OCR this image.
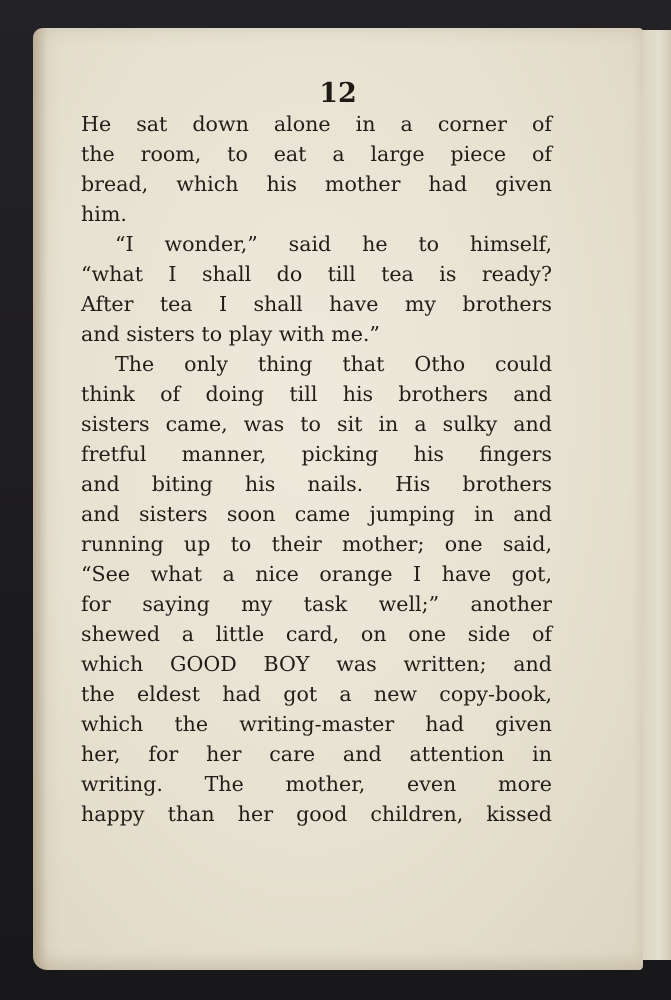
12

He sat down alone in a corner of
the room, to eat a large piece of
bread, which his mother had given
him.
“I wonder,” said he to himself,
“what I shall do till tea is ready?
After tea I shall have my brothers
and sisters to play with me.”
The only thing that Otho could
think of doing till his brothers and
sisters came, was to sit in a sulky and
fretful manner, picking his fingers
and biting his nails. His brothers
and sisters soon came jumping in and
running up to their mother; one said,
“See what a nice orange I have got,
for saying my task well;” another
shewed a little card, on one side of
which GOOD BOY was written; and
the eldest had got a new copy-book,
which the writing-master had given
her, for her care and attention in
writing. The mother, even more
happy than her good children, kissed
